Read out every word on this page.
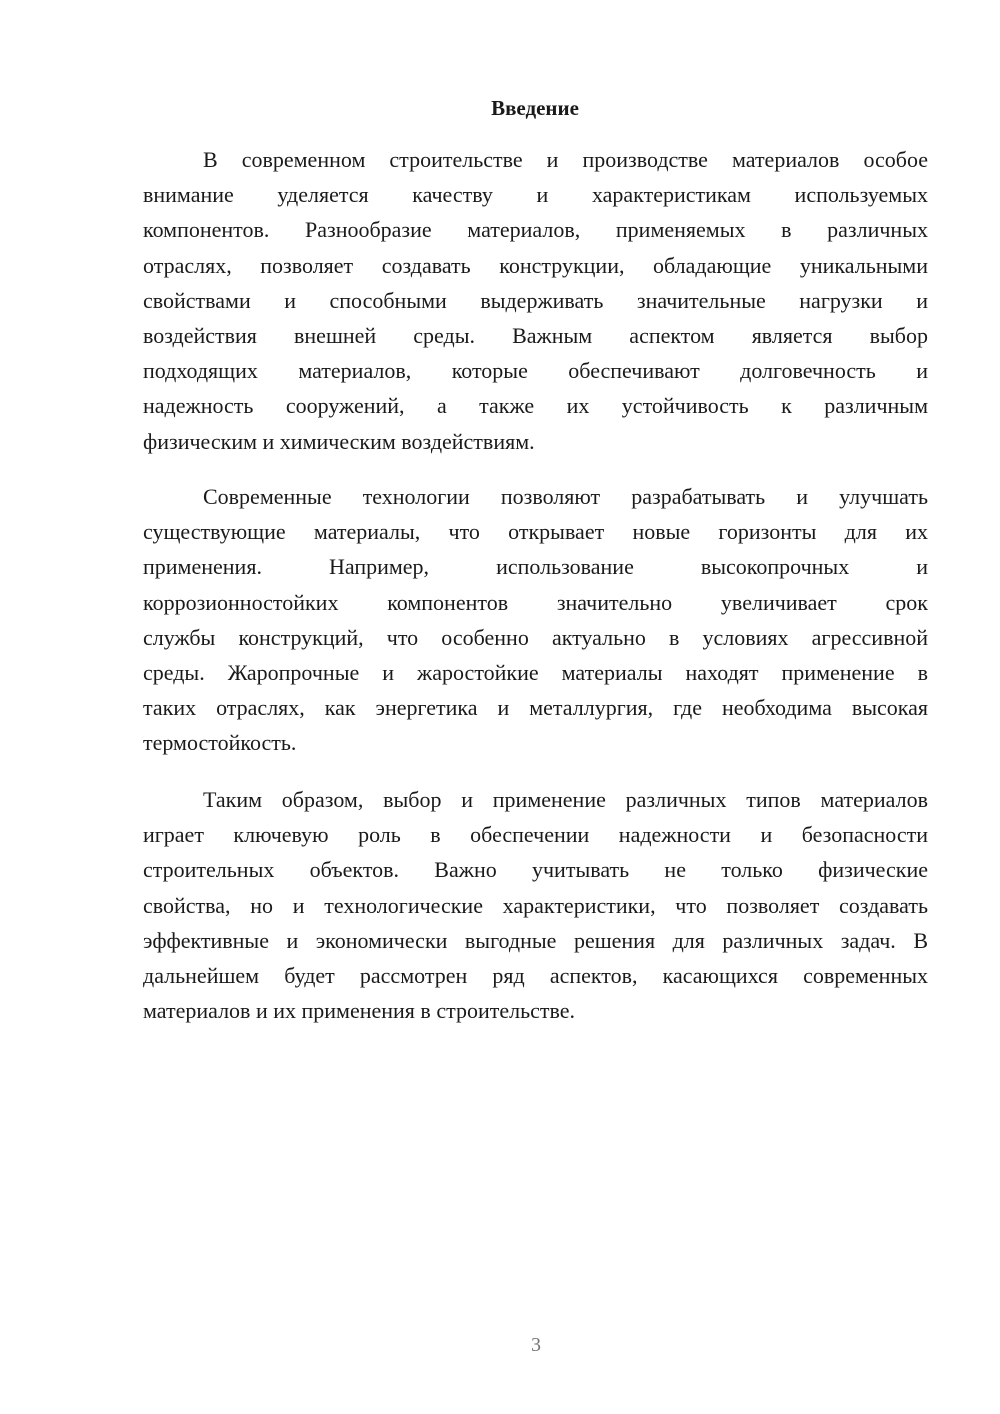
Введение
В современном строительстве и производстве материалов особое
внимание уделяется качеству и характеристикам используемых
компонентов. Разнообразие материалов, применяемых в различных
отраслях, позволяет создавать конструкции, обладающие уникальными
свойствами и способными выдерживать значительные нагрузки и
воздействия внешней среды. Важным аспектом является выбор
подходящих материалов, которые обеспечивают долговечность и
надежность сооружений, а также их устойчивость к различным
физическим и химическим воздействиям.
Современные технологии позволяют разрабатывать и улучшать
существующие материалы, что открывает новые горизонты для их
применения. Например, использование высокопрочных и
коррозионностойких компонентов значительно увеличивает срок
службы конструкций, что особенно актуально в условиях агрессивной
среды. Жаропрочные и жаростойкие материалы находят применение в
таких отраслях, как энергетика и металлургия, где необходима высокая
термостойкость.
Таким образом, выбор и применение различных типов материалов
играет ключевую роль в обеспечении надежности и безопасности
строительных объектов. Важно учитывать не только физические
свойства, но и технологические характеристики, что позволяет создавать
эффективные и экономически выгодные решения для различных задач. В
дальнейшем будет рассмотрен ряд аспектов, касающихся современных
материалов и их применения в строительстве.
3
